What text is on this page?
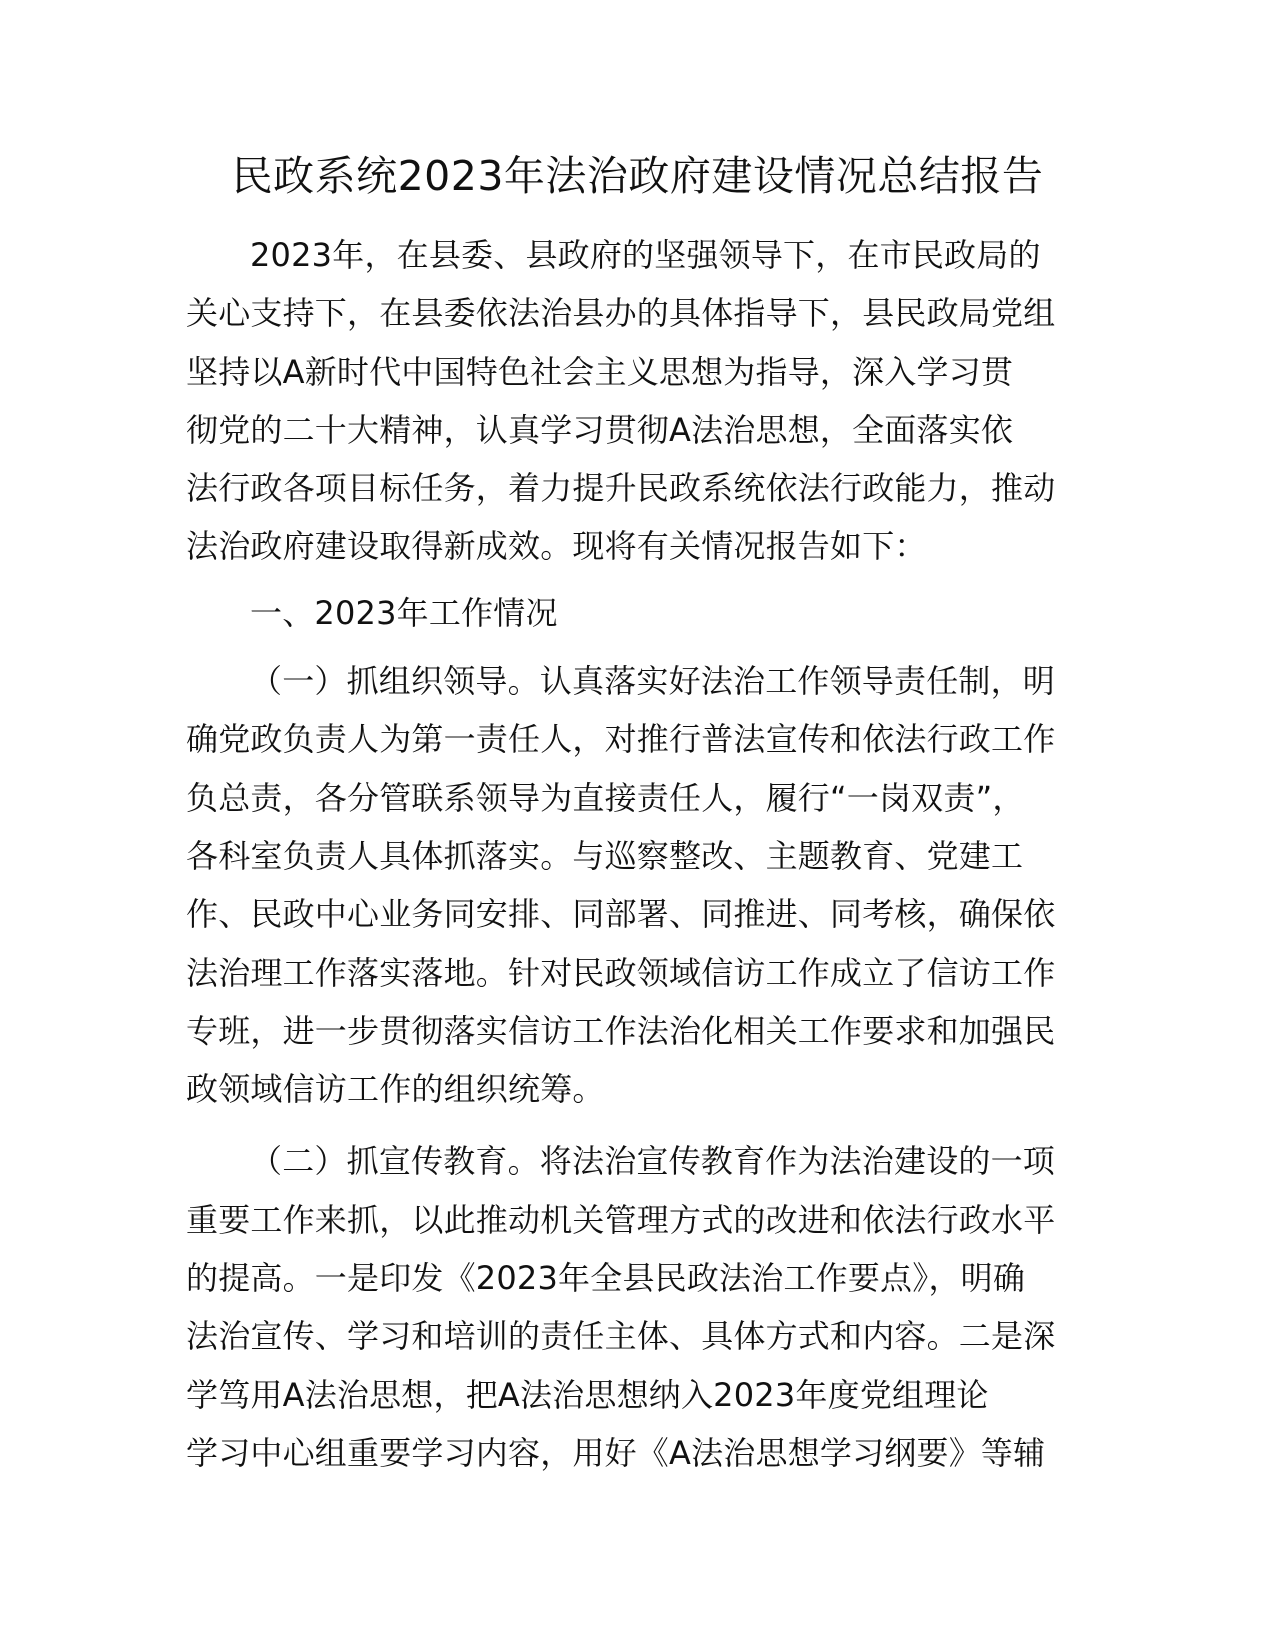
民政系统2023年法治政府建设情况总结报告
2023年，在县委、县政府的坚强领导下，在市民政局的
关心支持下，在县委依法治县办的具体指导下，县民政局党组
坚持以A新时代中国特色社会主义思想为指导，深入学习贯
彻党的二十大精神，认真学习贯彻A法治思想，全面落实依
法行政各项目标任务，着力提升民政系统依法行政能力，推动
法治政府建设取得新成效。现将有关情况报告如下：
一、2023年工作情况
（一）抓组织领导。认真落实好法治工作领导责任制，明
确党政负责人为第一责任人，对推行普法宣传和依法行政工作
负总责，各分管联系领导为直接责任人，履行“一岗双责”，
各科室负责人具体抓落实。与巡察整改、主题教育、党建工
作、民政中心业务同安排、同部署、同推进、同考核，确保依
法治理工作落实落地。针对民政领域信访工作成立了信访工作
专班，进一步贯彻落实信访工作法治化相关工作要求和加强民
政领域信访工作的组织统筹。
（二）抓宣传教育。将法治宣传教育作为法治建设的一项
重要工作来抓，以此推动机关管理方式的改进和依法行政水平
的提高。一是印发《2023年全县民政法治工作要点》，明确
法治宣传、学习和培训的责任主体、具体方式和内容。二是深
学笃用A法治思想，把A法治思想纳入2023年度党组理论
学习中心组重要学习内容，用好《A法治思想学习纲要》等辅
